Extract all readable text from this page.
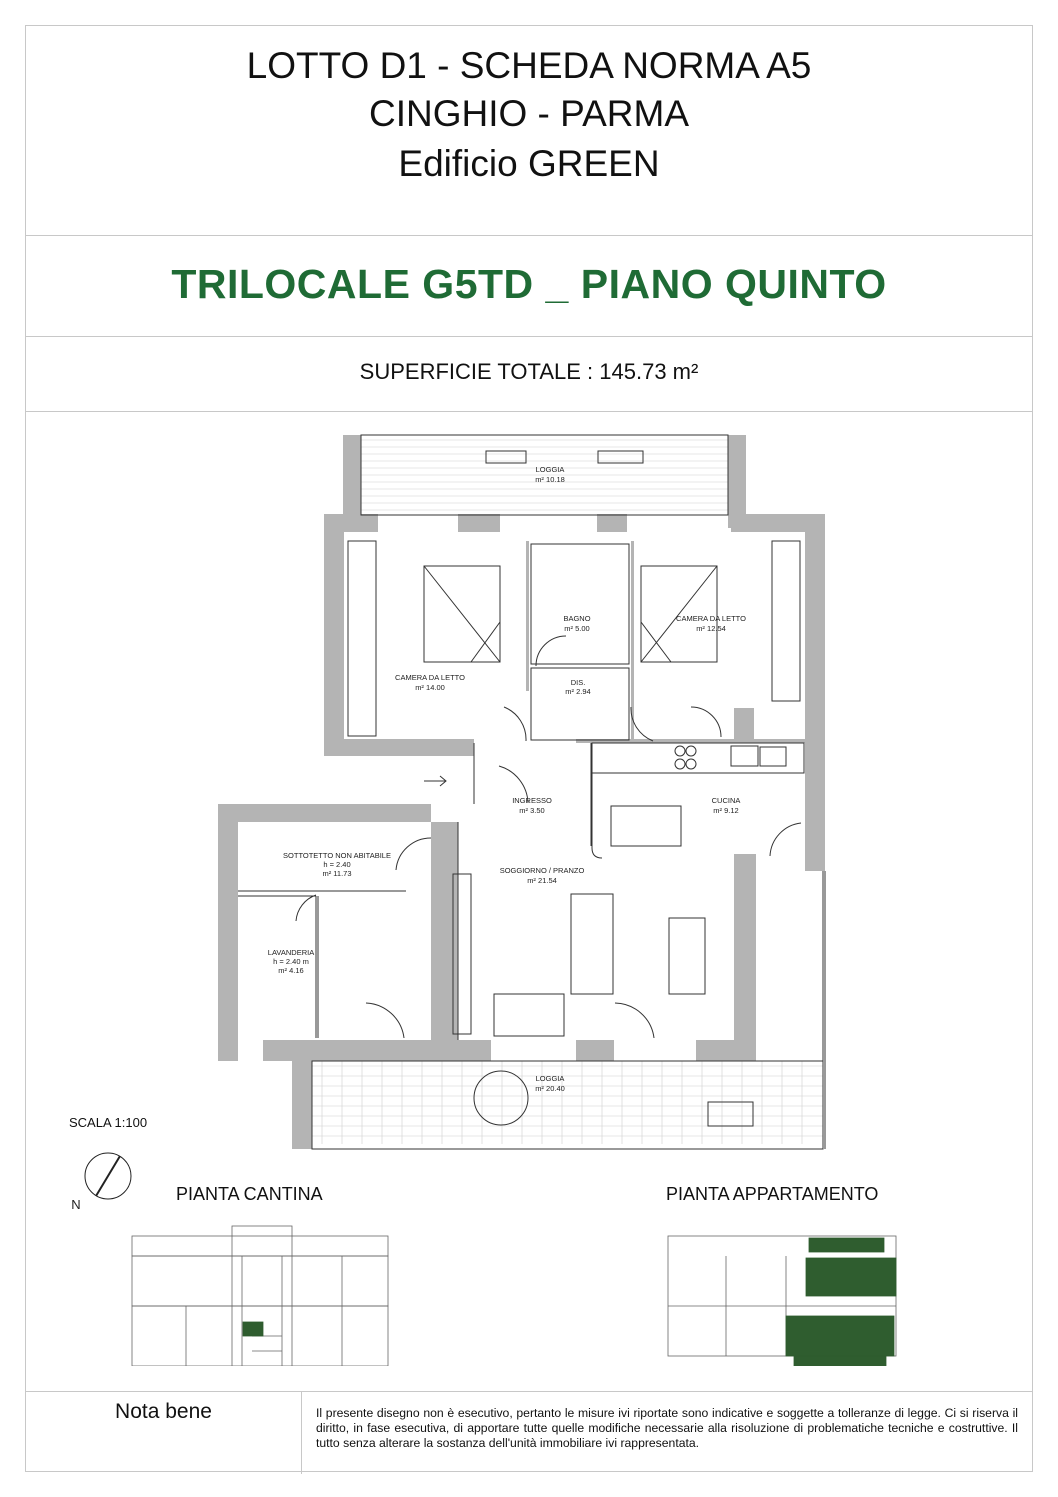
LOTTO D1 - SCHEDA NORMA A5
CINGHIO - PARMA
Edificio GREEN
TRILOCALE G5TD _ PIANO QUINTO
SUPERFICIE TOTALE : 145.73 m²
LOGGIA
m² 10.18
BAGNO
m² 5.00
CAMERA DA LETTO
m² 12.54
CAMERA DA LETTO
m² 14.00
DIS.
m² 2.94
INGRESSO
m² 3.50
CUCINA
m² 9.12
SOTTOTETTO NON ABITABILE
h = 2.40
m² 11.73	SOGGIORNO / PRANZO
m² 21.54
LAVANDERIA
h = 2.40 m
m² 4.16
LOGGIA
m² 20.40
N
SCALA 1:100
PIANTA CANTINA	PIANTA APPARTAMENTO
Nota bene	Il presente disegno non è esecutivo, pertanto le misure ivi riportate sono indicative e soggette a tolleranze di legge. Ci si riserva il diritto, in fase esecutiva, di apportare tutte quelle modifiche necessarie alla risoluzione di problematiche tecniche e costruttive. Il tutto senza alterare la sostanza dell'unità immobiliare ivi rappresentata.
